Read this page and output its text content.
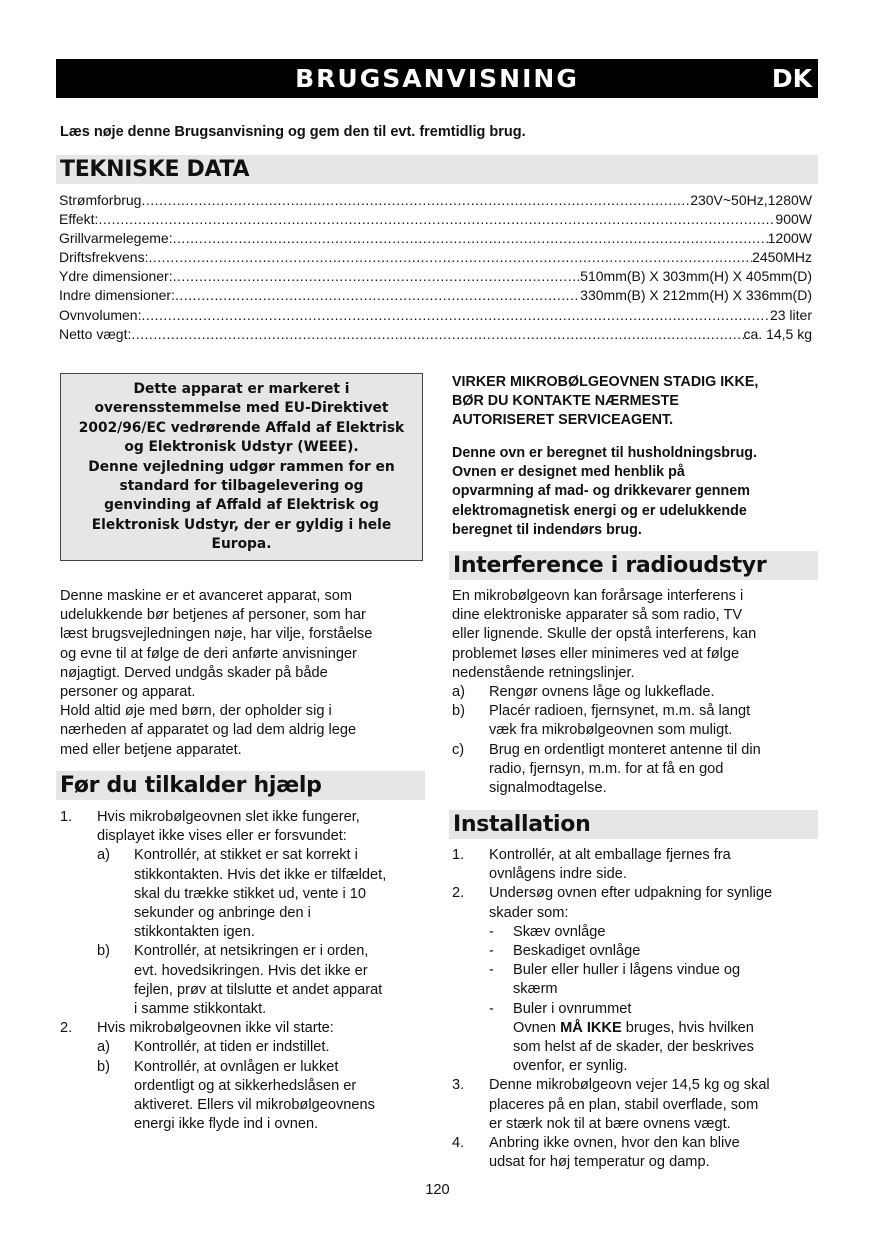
BRUGSANVISNING	DK
Læs nøje denne Brugsanvisning og gem den til evt. fremtidlig brug.
TEKNISKE DATA
Strømforbrug .....	230V~50Hz,1280W
Effekt: .....	900W
Grillvarmelegeme: .....	1200W
Driftsfrekvens: .....	2450MHz
Ydre dimensioner: .....	510mm(B) X 303mm(H) X 405mm(D)
Indre dimensioner: .....	330mm(B) X 212mm(H) X 336mm(D)
Ovnvolumen: .....	23 liter
Netto vægt: .....	ca. 14,5 kg
Dette apparat er markeret i
overensstemmelse med EU-Direktivet
2002/96/EC vedrørende Affald af Elektrisk
og Elektronisk Udstyr (WEEE).
Denne vejledning udgør rammen for en
standard for tilbagelevering og
genvinding af Affald af Elektrisk og
Elektronisk Udstyr, der er gyldig i hele
Europa.
Denne maskine er et avanceret apparat, som
udelukkende bør betjenes af personer, som har
læst brugsvejledningen nøje, har vilje, forståelse
og evne til at følge de deri anførte anvisninger
nøjagtigt. Derved undgås skader på både
personer og apparat.
Hold altid øje med børn, der opholder sig i
nærheden af apparatet og lad dem aldrig lege
med eller betjene apparatet.
Før du tilkalder hjælp
1. Hvis mikrobølgeovnen slet ikke fungerer,
displayet ikke vises eller er forsvundet:
a) Kontrollér, at stikket er sat korrekt i
stikkontakten. Hvis det ikke er tilfældet,
skal du trække stikket ud, vente i 10
sekunder og anbringe den i
stikkontakten igen.
b) Kontrollér, at netsikringen er i orden,
evt. hovedsikringen. Hvis det ikke er
fejlen, prøv at tilslutte et andet apparat
i samme stikkontakt.
2. Hvis mikrobølgeovnen ikke vil starte:
a) Kontrollér, at tiden er indstillet.
b) Kontrollér, at ovnlågen er lukket
ordentligt og at sikkerhedslåsen er
aktiveret. Ellers vil mikrobølgeovnens
energi ikke flyde ind i ovnen.
VIRKER MIKROBØLGEOVNEN STADIG IKKE,
BØR DU KONTAKTE NÆRMESTE
AUTORISERET SERVICEAGENT.
Denne ovn er beregnet til husholdningsbrug.
Ovnen er designet med henblik på
opvarmning af mad- og drikkevarer gennem
elektromagnetisk energi og er udelukkende
beregnet til indendørs brug.
Interference i radioudstyr
En mikrobølgeovn kan forårsage interferens i
dine elektroniske apparater så som radio, TV
eller lignende. Skulle der opstå interferens, kan
problemet løses eller minimeres ved at følge
nedenstående retningslinjer.
a) Rengør ovnens låge og lukkeflade.
b) Placér radioen, fjernsynet, m.m. så langt
væk fra mikrobølgeovnen som muligt.
c) Brug en ordentligt monteret antenne til din
radio, fjernsyn, m.m. for at få en god
signalmodtagelse.
Installation
1. Kontrollér, at alt emballage fjernes fra
ovnlågens indre side.
2. Undersøg ovnen efter udpakning for synlige
skader som:
- Skæv ovnlåge
- Beskadiget ovnlåge
- Buler eller huller i lågens vindue og
skærm
- Buler i ovnrummet
Ovnen MÅ IKKE bruges, hvis hvilken
som helst af de skader, der beskrives
ovenfor, er synlig.
3. Denne mikrobølgeovn vejer 14,5 kg og skal
placeres på en plan, stabil overflade, som
er stærk nok til at bære ovnens vægt.
4. Anbring ikke ovnen, hvor den kan blive
udsat for høj temperatur og damp.
120
